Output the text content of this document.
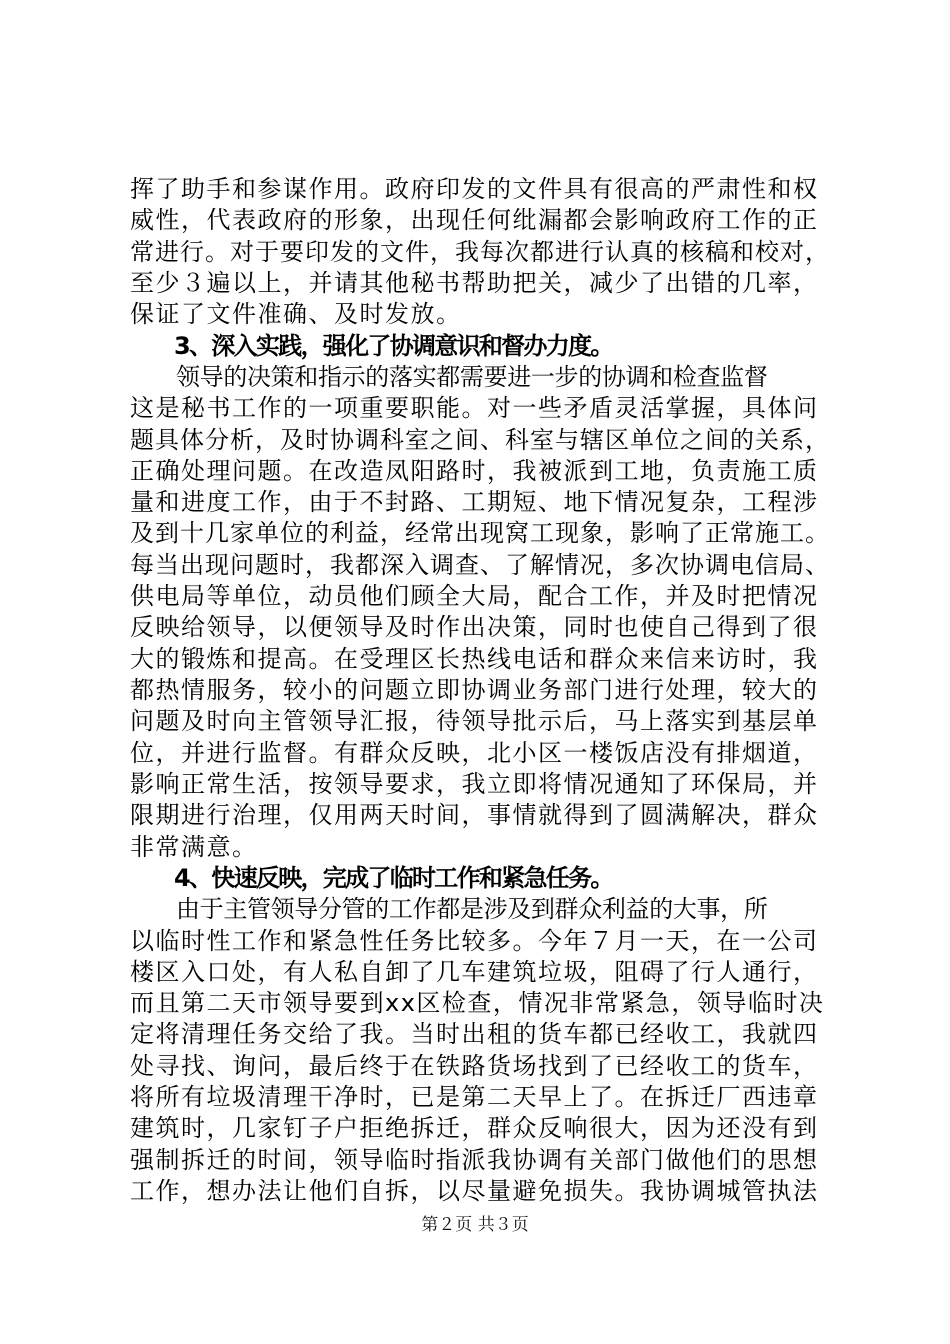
挥了助手和参谋作用。政府印发的文件具有很高的严肃性和权
威性，代表政府的形象，出现任何纰漏都会影响政府工作的正
常进行。对于要印发的文件，我每次都进行认真的核稿和校对，
至少３遍以上，并请其他秘书帮助把关，减少了出错的几率，
保证了文件准确、及时发放。
3、深入实践，强化了协调意识和督办力度。
领导的决策和指示的落实都需要进一步的协调和检查监督
这是秘书工作的一项重要职能。对一些矛盾灵活掌握，具体问
题具体分析，及时协调科室之间、科室与辖区单位之间的关系，
正确处理问题。在改造凤阳路时，我被派到工地，负责施工质
量和进度工作，由于不封路、工期短、地下情况复杂，工程涉
及到十几家单位的利益，经常出现窝工现象，影响了正常施工。
每当出现问题时，我都深入调查、了解情况，多次协调电信局、
供电局等单位，动员他们顾全大局，配合工作，并及时把情况
反映给领导，以便领导及时作出决策，同时也使自己得到了很
大的锻炼和提高。在受理区长热线电话和群众来信来访时，我
都热情服务，较小的问题立即协调业务部门进行处理，较大的
问题及时向主管领导汇报，待领导批示后，马上落实到基层单
位，并进行监督。有群众反映，北小区一楼饭店没有排烟道，
影响正常生活，按领导要求，我立即将情况通知了环保局，并
限期进行治理，仅用两天时间，事情就得到了圆满解决，群众
非常满意。
4、快速反映，完成了临时工作和紧急任务。
由于主管领导分管的工作都是涉及到群众利益的大事，所
以临时性工作和紧急性任务比较多。今年７月一天，在一公司
楼区入口处，有人私自卸了几车建筑垃圾，阻碍了行人通行，
而且第二天市领导要到xx区检查，情况非常紧急，领导临时决
定将清理任务交给了我。当时出租的货车都已经收工，我就四
处寻找、询问，最后终于在铁路货场找到了已经收工的货车，
将所有垃圾清理干净时，已是第二天早上了。在拆迁厂西违章
建筑时，几家钉子户拒绝拆迁，群众反响很大，因为还没有到
强制拆迁的时间，领导临时指派我协调有关部门做他们的思想
工作，想办法让他们自拆，以尽量避免损失。我协调城管执法
第２页 共３页
